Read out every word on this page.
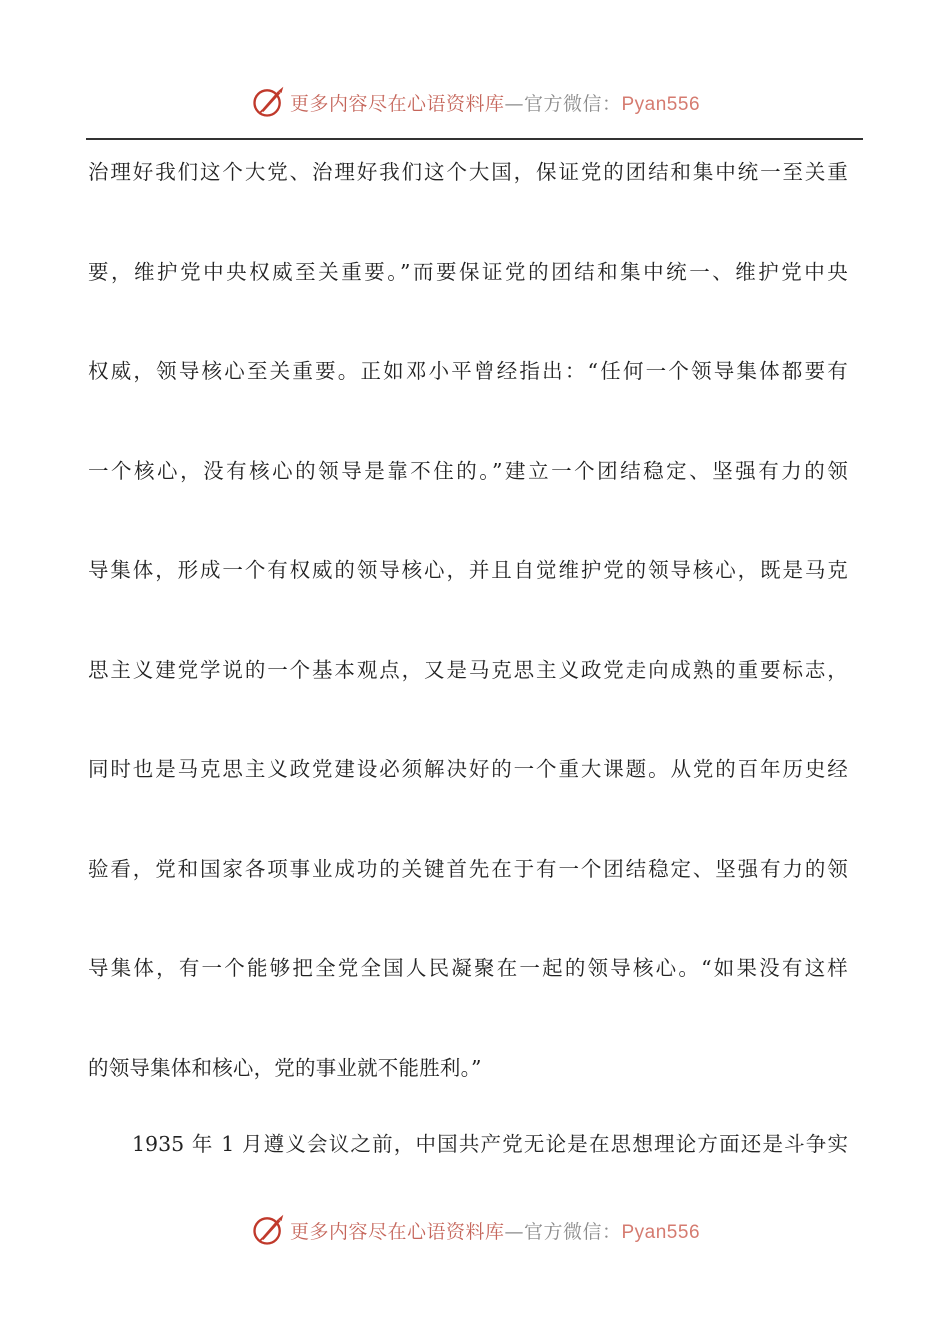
更多内容尽在心语资料库—官方微信：Pyan556
治理好我们这个大党、治理好我们这个大国，保证党的团结和集中统一至关重
要，维护党中央权威至关重要。”而要保证党的团结和集中统一、维护党中央
权威，领导核心至关重要。正如邓小平曾经指出：“任何一个领导集体都要有
一个核心，没有核心的领导是靠不住的。”建立一个团结稳定、坚强有力的领
导集体，形成一个有权威的领导核心，并且自觉维护党的领导核心，既是马克
思主义建党学说的一个基本观点，又是马克思主义政党走向成熟的重要标志，
同时也是马克思主义政党建设必须解决好的一个重大课题。从党的百年历史经
验看，党和国家各项事业成功的关键首先在于有一个团结稳定、坚强有力的领
导集体，有一个能够把全党全国人民凝聚在一起的领导核心。“如果没有这样
的领导集体和核心，党的事业就不能胜利。”
1935 年 1 月遵义会议之前，中国共产党无论是在思想理论方面还是斗争实
更多内容尽在心语资料库—官方微信：Pyan556
